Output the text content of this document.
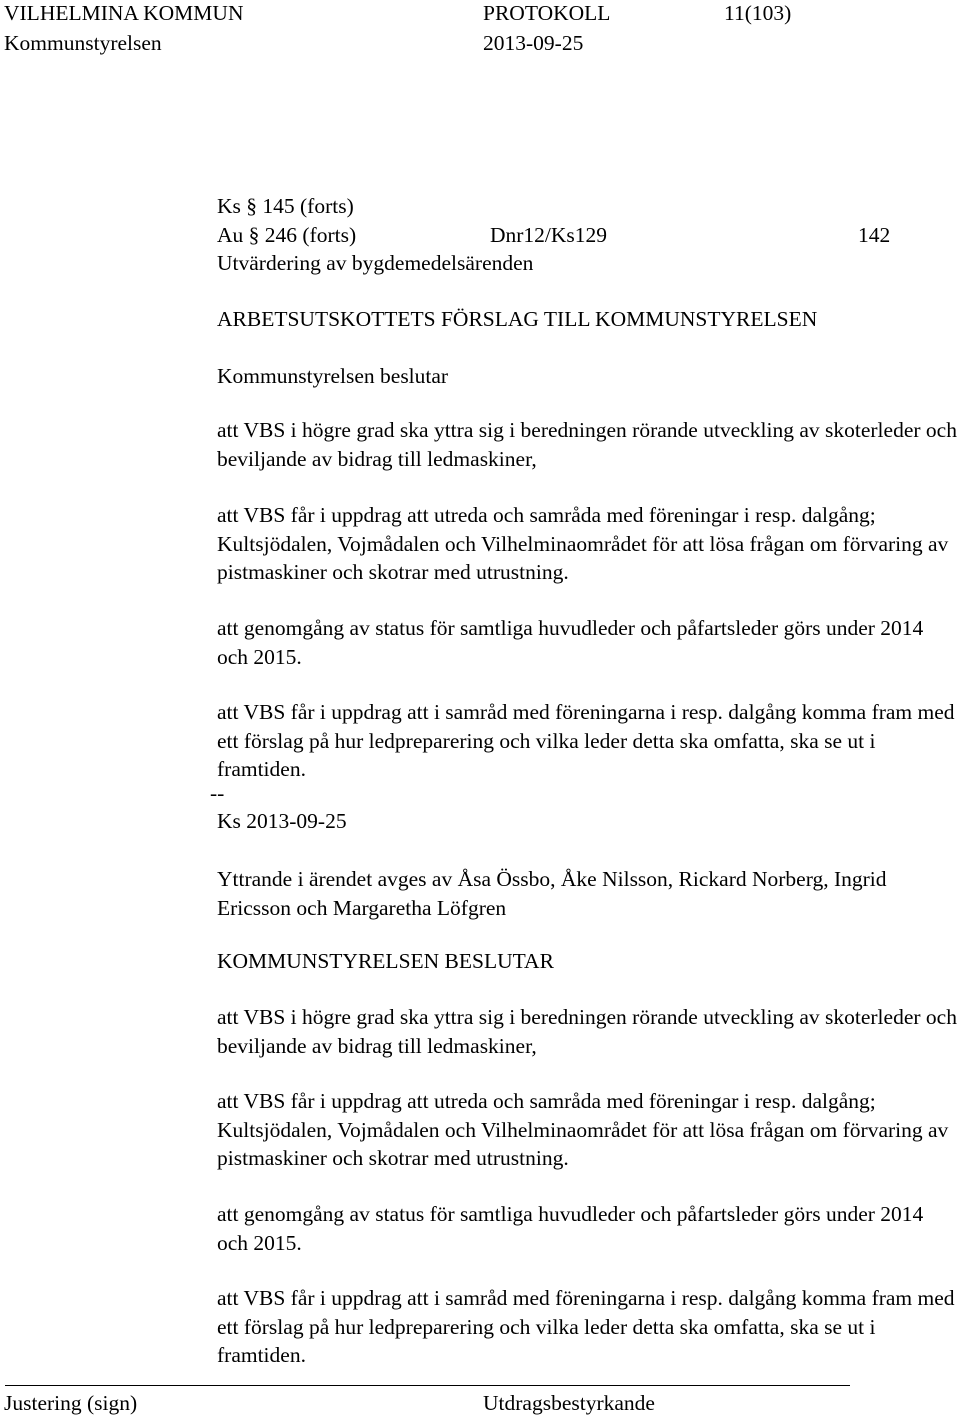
VILHELMINA KOMMUN	PROTOKOLL	11(103)
Kommunstyrelsen	2013-09-25
Ks § 145 (forts)
Au § 246 (forts)	Dnr12/Ks129	142
Utvärdering av bygdemedelsärenden
ARBETSUTSKOTTETS FÖRSLAG TILL KOMMUNSTYRELSEN
Kommunstyrelsen beslutar
att VBS i högre grad ska yttra sig i beredningen rörande utveckling av skoterleder och beviljande av bidrag till ledmaskiner,
att VBS får i uppdrag att utreda och samråda med föreningar i resp. dalgång; Kultsjödalen, Vojmådalen och Vilhelminaområdet för att lösa frågan om förvaring av pistmaskiner och skotrar med utrustning.
att genomgång av status för samtliga huvudleder och påfartsleder görs under 2014 och 2015.
att VBS får i uppdrag att i samråd med föreningarna i resp. dalgång komma fram med ett förslag på hur ledpreparering och vilka leder detta ska omfatta, ska se ut i framtiden.
--
Ks 2013-09-25
Yttrande i ärendet avges av Åsa Össbo, Åke Nilsson, Rickard Norberg, Ingrid Ericsson och Margaretha Löfgren
KOMMUNSTYRELSEN BESLUTAR
att VBS i högre grad ska yttra sig i beredningen rörande utveckling av skoterleder och beviljande av bidrag till ledmaskiner,
att VBS får i uppdrag att utreda och samråda med föreningar i resp. dalgång; Kultsjödalen, Vojmådalen och Vilhelminaområdet för att lösa frågan om förvaring av pistmaskiner och skotrar med utrustning.
att genomgång av status för samtliga huvudleder och påfartsleder görs under 2014 och 2015.
att VBS får i uppdrag att i samråd med föreningarna i resp. dalgång komma fram med ett förslag på hur ledpreparering och vilka leder detta ska omfatta, ska se ut i framtiden.
Justering (sign)	Utdragsbestyrkande
